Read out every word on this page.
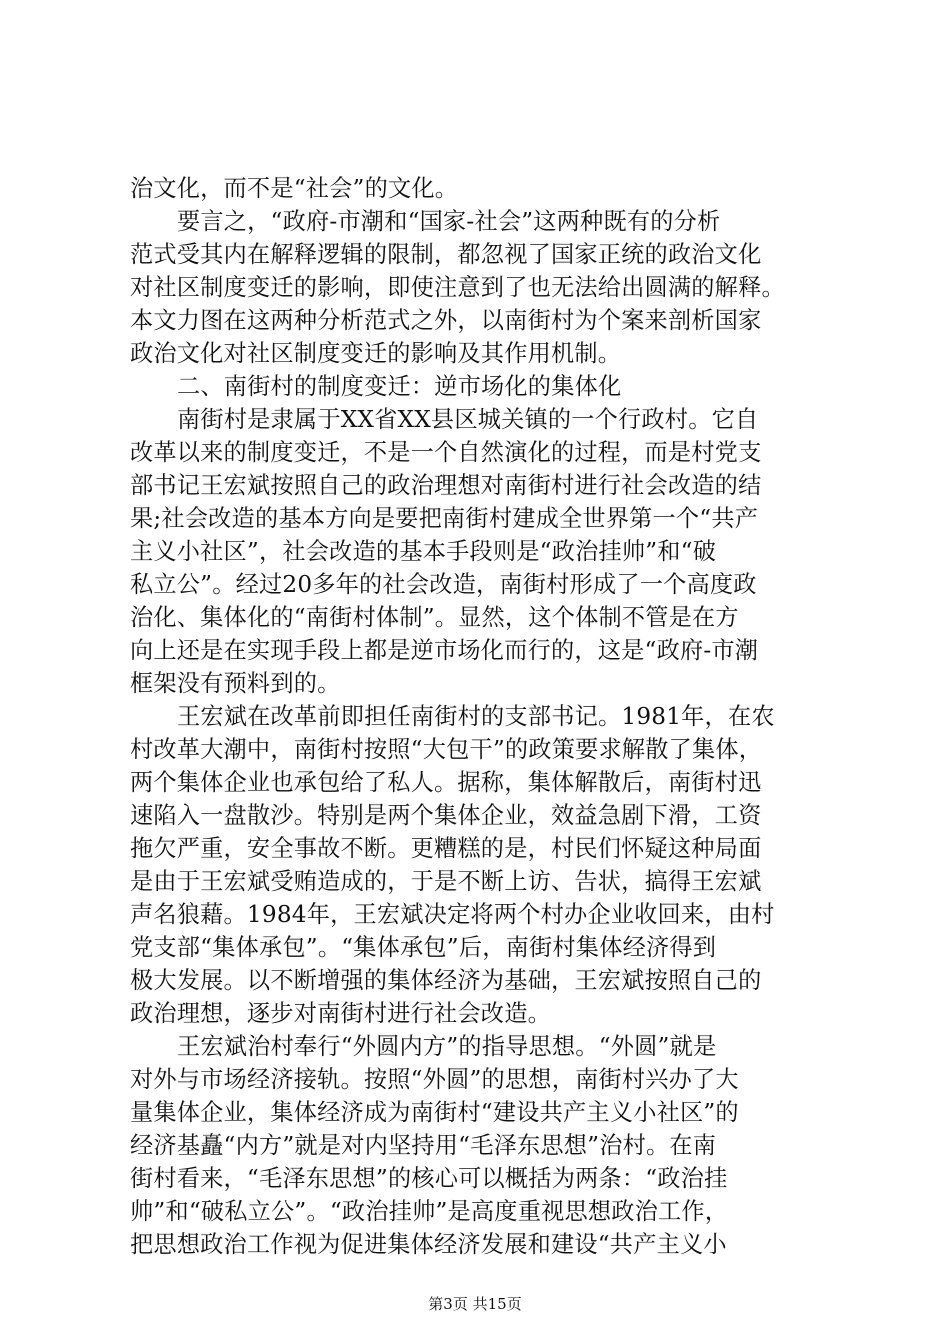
治文化，而不是“社会”的文化。
要言之，“政府-市潮和“国家-社会”这两种既有的分析
范式受其内在解释逻辑的限制，都忽视了国家正统的政治文化
对社区制度变迁的影响，即使注意到了也无法给出圆满的解释。
本文力图在这两种分析范式之外，以南街村为个案来剖析国家
政治文化对社区制度变迁的影响及其作用机制。
二、南街村的制度变迁：逆市场化的集体化
南街村是隶属于XX省XX县区城关镇的一个行政村。它自
改革以来的制度变迁，不是一个自然演化的过程，而是村党支
部书记王宏斌按照自己的政治理想对南街村进行社会改造的结
果;社会改造的基本方向是要把南街村建成全世界第一个“共产
主义小社区”，社会改造的基本手段则是“政治挂帅”和“破
私立公”。经过20多年的社会改造，南街村形成了一个高度政
治化、集体化的“南街村体制”。显然，这个体制不管是在方
向上还是在实现手段上都是逆市场化而行的，这是“政府-市潮
框架没有预料到的。
王宏斌在改革前即担任南街村的支部书记。1981年，在农
村改革大潮中，南街村按照“大包干”的政策要求解散了集体，
两个集体企业也承包给了私人。据称，集体解散后，南街村迅
速陷入一盘散沙。特别是两个集体企业，效益急剧下滑，工资
拖欠严重，安全事故不断。更糟糕的是，村民们怀疑这种局面
是由于王宏斌受贿造成的，于是不断上访、告状，搞得王宏斌
声名狼藉。1984年，王宏斌决定将两个村办企业收回来，由村
党支部“集体承包”。“集体承包”后，南街村集体经济得到
极大发展。以不断增强的集体经济为基础，王宏斌按照自己的
政治理想，逐步对南街村进行社会改造。
王宏斌治村奉行“外圆内方”的指导思想。“外圆”就是
对外与市场经济接轨。按照“外圆”的思想，南街村兴办了大
量集体企业，集体经济成为南街村“建设共产主义小社区”的
经济基矗“内方”就是对内坚持用“毛泽东思想”治村。在南
街村看来，“毛泽东思想”的核心可以概括为两条：“政治挂
帅”和“破私立公”。“政治挂帅”是高度重视思想政治工作，
把思想政治工作视为促进集体经济发展和建设“共产主义小
第3页 共15页
